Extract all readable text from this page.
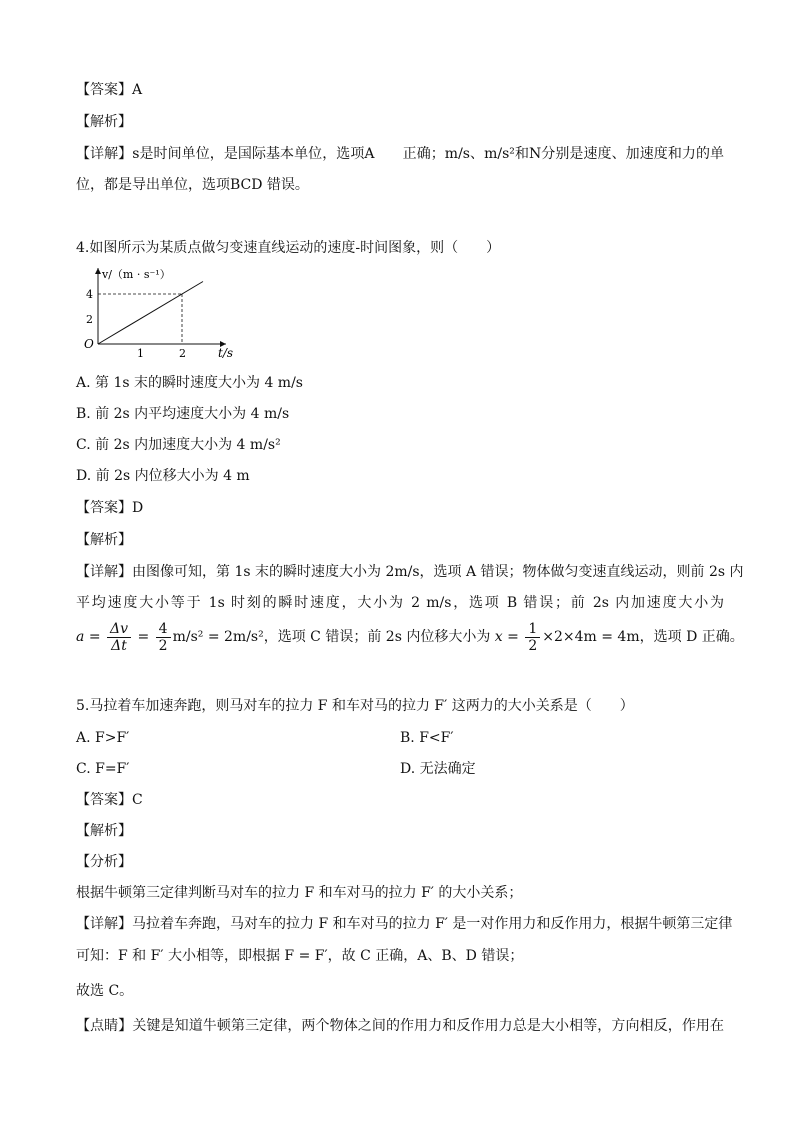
【答案】A
【解析】
【详解】s是时间单位，是国际基本单位，选项A　　正确；m/s、m/s²和N分别是速度、加速度和力的单
位，都是导出单位，选项BCD 错误。
4.如图所示为某质点做匀变速直线运动的速度-时间图象，则（　　）
O
v/（m · s⁻¹）
t/s
1	2
2
4
A. 第 1s 末的瞬时速度大小为 4 m/s
B. 前 2s 内平均速度大小为 4 m/s
C. 前 2s 内加速度大小为 4 m/s²
D. 前 2s 内位移大小为 4 m
【答案】D
【解析】
【详解】由图像可知，第 1s 末的瞬时速度大小为 2m/s，选项 A 错误；物体做匀变速直线运动，则前 2s 内
平均速度大小等于 1s 时刻的瞬时速度，大小为 2 m/s，选项 B 错误；前 2s 内加速度大小为
$a = \frac{\Delta v}{\Delta t} = \frac{4}{2} m/s^2 = 2m/s^2$，选项 C 错误；前 2s 内位移大小为 $x = \frac{1}{2} \times 2\times 4m = 4m$，选项 D 正确。
5.马拉着车加速奔跑，则马对车的拉力 F 和车对马的拉力 F′ 这两力的大小关系是（　　）
A. F>F′	B. F<F′
C. F=F′	D. 无法确定
【答案】C
【解析】
【分析】
根据牛顿第三定律判断马对车的拉力 F 和车对马的拉力 F′ 的大小关系；
【详解】马拉着车奔跑，马对车的拉力 F 和车对马的拉力 F′ 是一对作用力和反作用力，根据牛顿第三定律
可知：F 和 F′ 大小相等，即根据 F = F′，故 C 正确，A、B、D 错误；
故选 C。
【点睛】关键是知道牛顿第三定律，两个物体之间的作用力和反作用力总是大小相等，方向相反，作用在
